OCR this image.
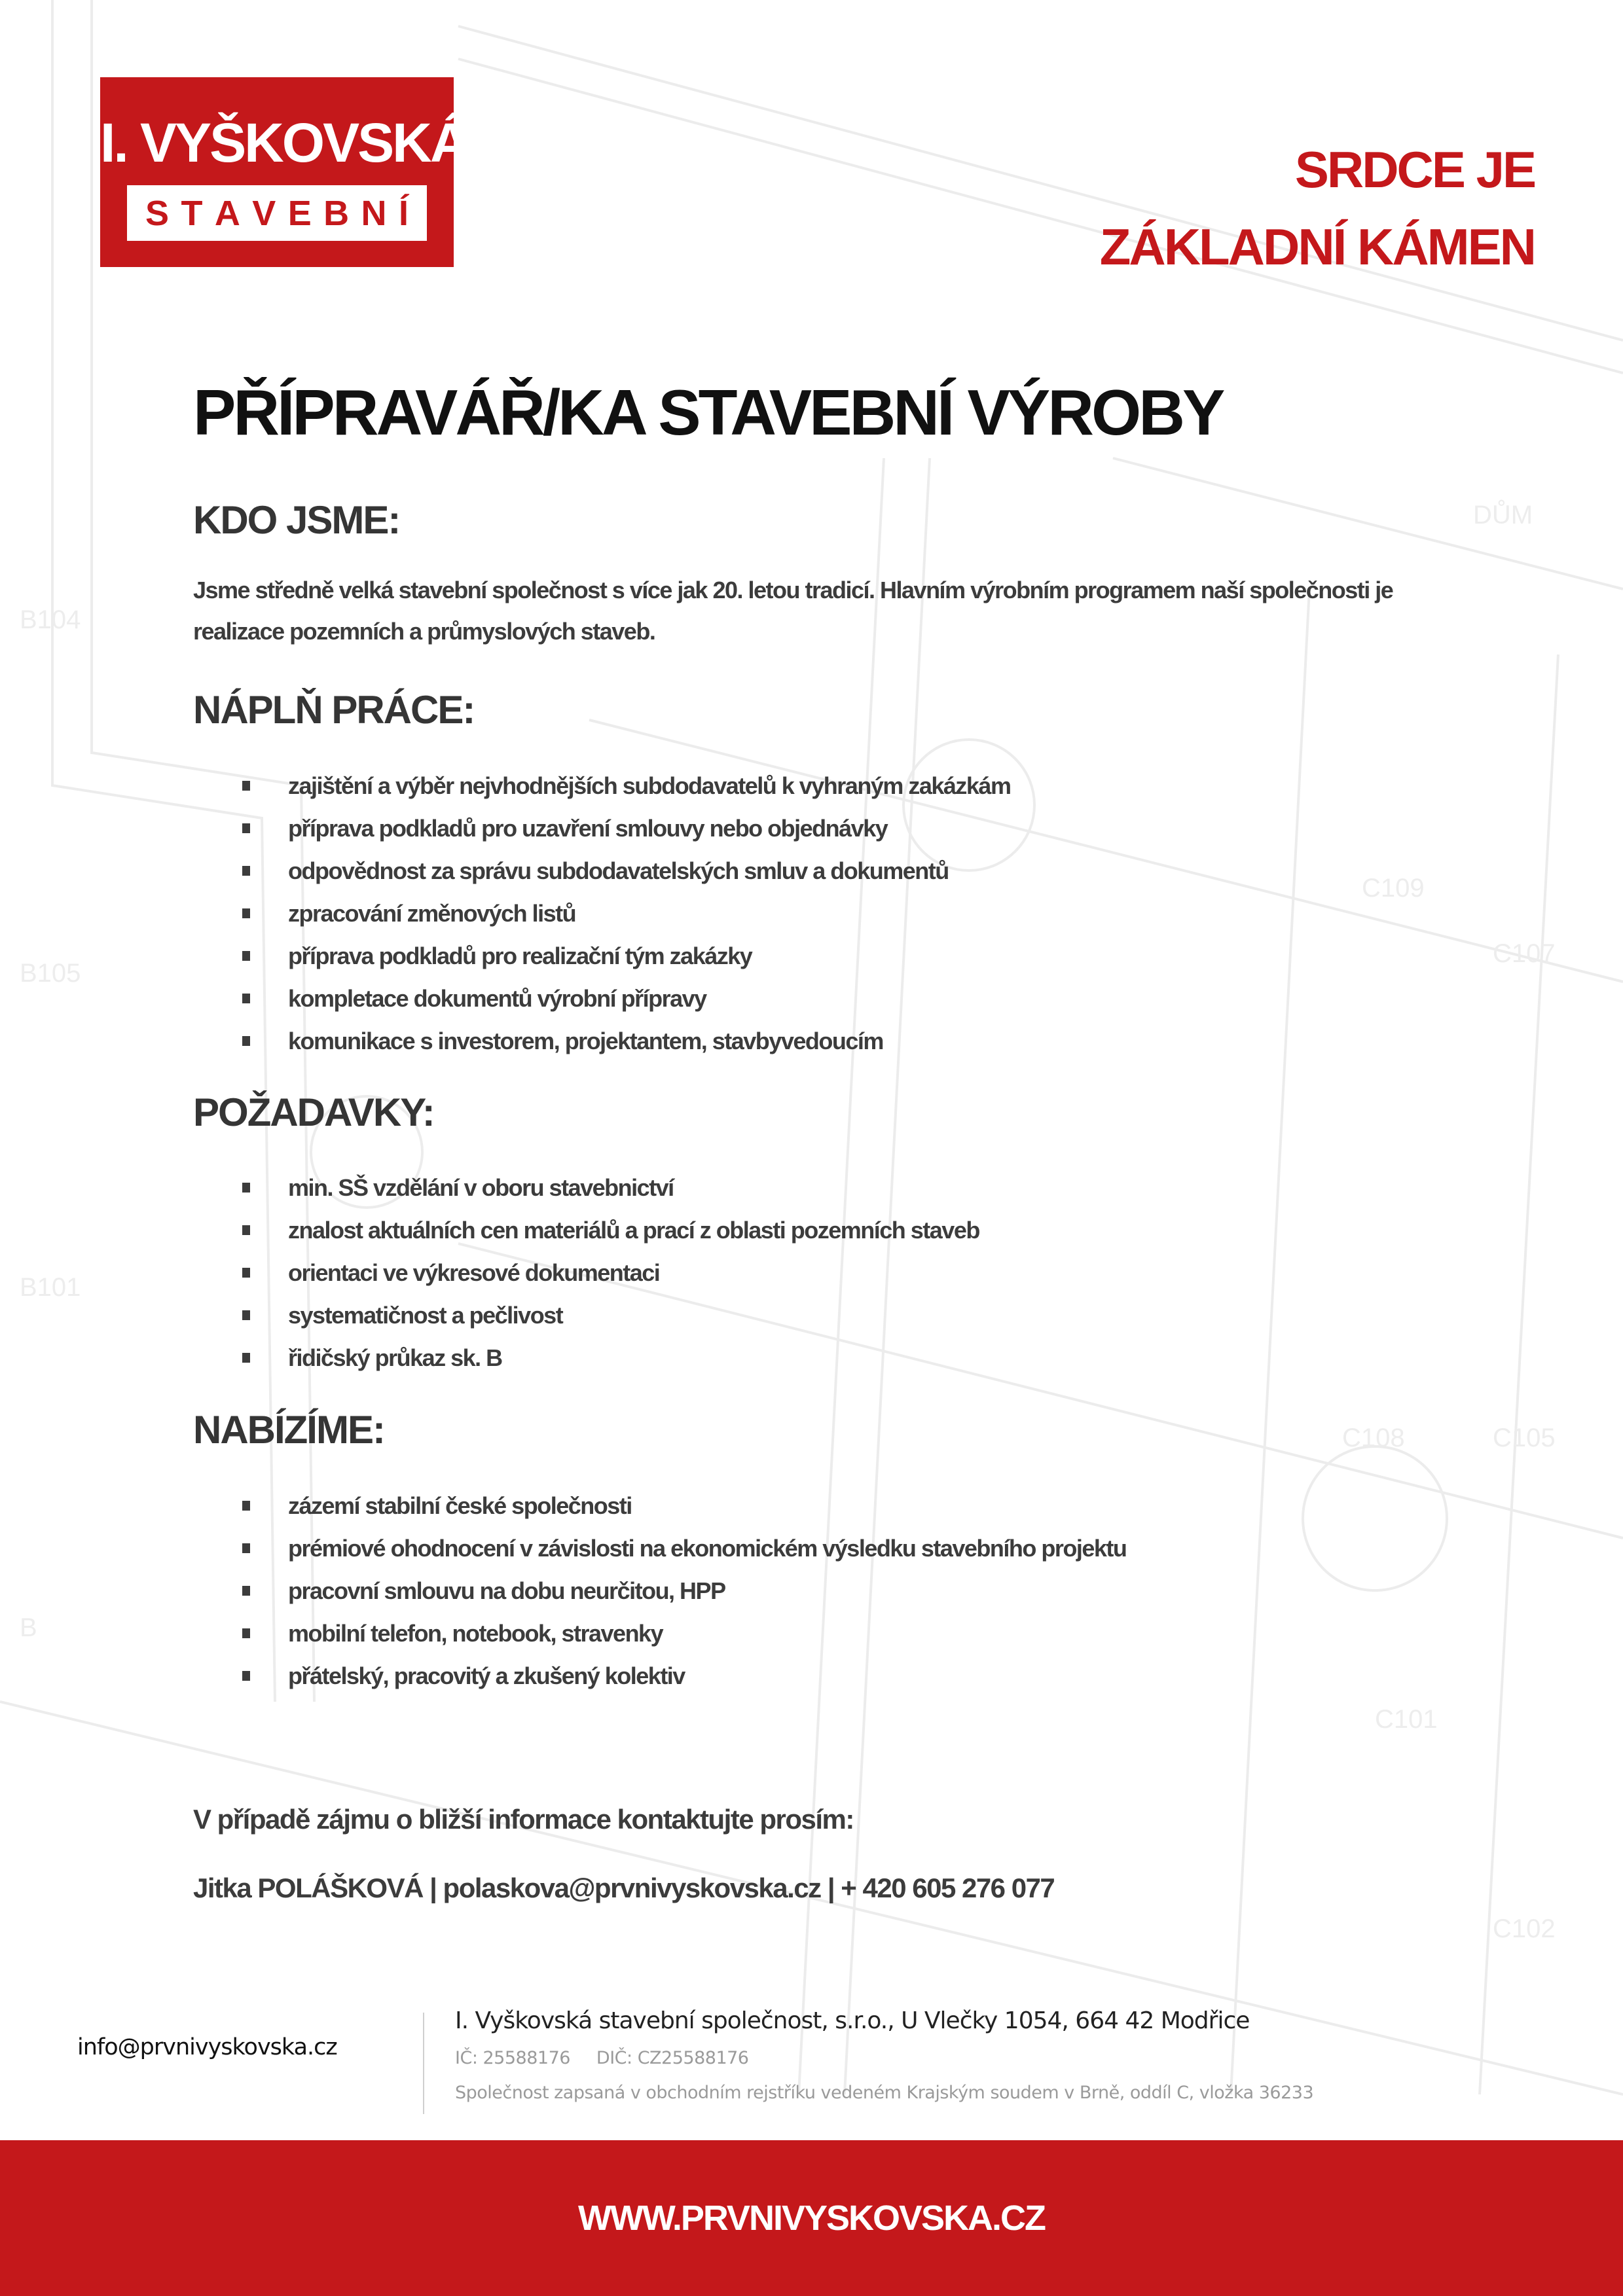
B104
B105
B101
C109
C107
C108	C105
C101
C102
DŮM
B
I. VYŠKOVSKÁ
S T A V E B N Í
SRDCE JE
ZÁKLADNÍ KÁMEN
PŘÍPRAVÁŘ/KA STAVEBNÍ VÝROBY
KDO JSME:
Jsme středně velká stavební společnost s více jak 20. letou tradicí. Hlavním výrobním programem naší společnosti je
realizace pozemních a průmyslových staveb.
NÁPLŇ PRÁCE:
zajištění a výběr nejvhodnějších subdodavatelů k vyhraným zakázkám
příprava podkladů pro uzavření smlouvy nebo objednávky
odpovědnost za správu subdodavatelských smluv a dokumentů
zpracování změnových listů
příprava podkladů pro realizační tým zakázky
kompletace dokumentů výrobní přípravy
komunikace s investorem, projektantem, stavbyvedoucím
POŽADAVKY:
min. SŠ vzdělání v oboru stavebnictví
znalost aktuálních cen materiálů a prací z oblasti pozemních staveb
orientaci ve výkresové dokumentaci
systematičnost a pečlivost
řidičský průkaz sk. B
NABÍZÍME:
zázemí stabilní české společnosti
prémiové ohodnocení v závislosti na ekonomickém výsledku stavebního projektu
pracovní smlouvu na dobu neurčitou, HPP
mobilní telefon, notebook, stravenky
přátelský, pracovitý a zkušený kolektiv
V případě zájmu o bližší informace kontaktujte prosím:
Jitka POLÁŠKOVÁ | polaskova@prvnivyskovska.cz | + 420 605 276 077
info@prvnivyskovska.cz
I. Vyškovská stavební společnost, s.r.o., U Vlečky 1054, 664 42 Modřice
IČ: 25588176 DIČ: CZ25588176
Společnost zapsaná v obchodním rejstříku vedeném Krajským soudem v Brně, oddíl C, vložka 36233
WWW.PRVNIVYSKOVSKA.CZ
